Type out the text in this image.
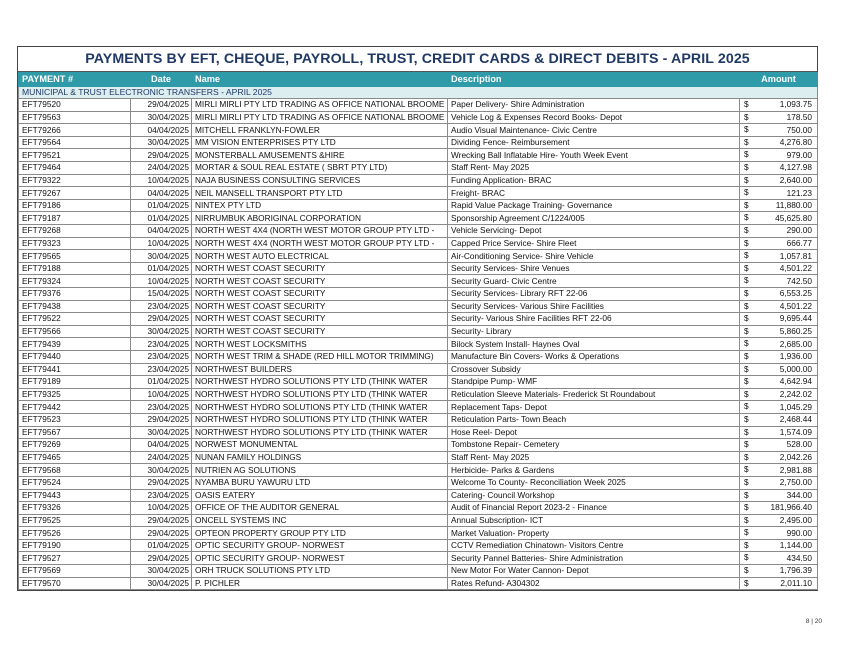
PAYMENTS BY EFT, CHEQUE, PAYROLL, TRUST, CREDIT CARDS & DIRECT DEBITS - APRIL 2025
PAYMENT #	Date	Name	Description	Amount
MUNICIPAL & TRUST ELECTRONIC TRANSFERS - APRIL 2025				
EFT79520	29/04/2025	MIRLI MIRLI PTY LTD TRADING AS OFFICE NATIONAL BROOME	Paper Delivery- Shire Administration	$ 1,093.75
EFT79563	30/04/2025	MIRLI MIRLI PTY LTD TRADING AS OFFICE NATIONAL BROOME	Vehicle Log & Expenses Record Books- Depot	$ 178.50
EFT79266	04/04/2025	MITCHELL FRANKLYN-FOWLER	Audio Visual Maintenance- Civic Centre	$ 750.00
EFT79564	30/04/2025	MM VISION ENTERPRISES PTY LTD	Dividing Fence- Reimbursement	$ 4,276.80
EFT79521	29/04/2025	MONSTERBALL AMUSEMENTS &HIRE	Wrecking Ball Inflatable Hire- Youth Week Event	$ 979.00
EFT79464	24/04/2025	MORTAR & SOUL REAL ESTATE ( SBRT PTY LTD)	Staff Rent- May 2025	$ 4,127.98
EFT79322	10/04/2025	NAJA BUSINESS CONSULTING SERVICES	Funding Application- BRAC	$ 2,640.00
EFT79267	04/04/2025	NEIL MANSELL TRANSPORT PTY LTD	Freight- BRAC	$ 121.23
EFT79186	01/04/2025	NINTEX PTY LTD	Rapid Value Package Training- Governance	$ 11,880.00
EFT79187	01/04/2025	NIRRUMBUK ABORIGINAL CORPORATION	Sponsorship Agreement C/1224/005	$ 45,625.80
EFT79268	04/04/2025	NORTH WEST 4X4 (NORTH WEST MOTOR GROUP PTY LTD -	Vehicle Servicing- Depot	$ 290.00
EFT79323	10/04/2025	NORTH WEST 4X4 (NORTH WEST MOTOR GROUP PTY LTD -	Capped Price Service- Shire Fleet	$ 666.77
EFT79565	30/04/2025	NORTH WEST AUTO ELECTRICAL	Air-Conditioning Service- Shire Vehicle	$ 1,057.81
EFT79188	01/04/2025	NORTH WEST COAST SECURITY	Security Services- Shire Venues	$ 4,501.22
EFT79324	10/04/2025	NORTH WEST COAST SECURITY	Security Guard- Civic Centre	$ 742.50
EFT79376	15/04/2025	NORTH WEST COAST SECURITY	Security Services- Library RFT 22-06	$ 6,553.25
EFT79438	23/04/2025	NORTH WEST COAST SECURITY	Security Services- Various Shire Facilities	$ 4,501.22
EFT79522	29/04/2025	NORTH WEST COAST SECURITY	Security- Various Shire Facilities RFT 22-06	$ 9,695.44
EFT79566	30/04/2025	NORTH WEST COAST SECURITY	Security- Library	$ 5,860.25
EFT79439	23/04/2025	NORTH WEST LOCKSMITHS	Bilock System Install- Haynes Oval	$ 2,685.00
EFT79440	23/04/2025	NORTH WEST TRIM & SHADE (RED HILL MOTOR TRIMMING)	Manufacture Bin Covers- Works & Operations	$ 1,936.00
EFT79441	23/04/2025	NORTHWEST BUILDERS	Crossover Subsidy	$ 5,000.00
EFT79189	01/04/2025	NORTHWEST HYDRO SOLUTIONS PTY LTD (THINK WATER	Standpipe Pump- WMF	$ 4,642.94
EFT79325	10/04/2025	NORTHWEST HYDRO SOLUTIONS PTY LTD (THINK WATER	Reticulation Sleeve Materials- Frederick St Roundabout	$ 2,242.02
EFT79442	23/04/2025	NORTHWEST HYDRO SOLUTIONS PTY LTD (THINK WATER	Replacement Taps- Depot	$ 1,045.29
EFT79523	29/04/2025	NORTHWEST HYDRO SOLUTIONS PTY LTD (THINK WATER	Reticulation Parts- Town Beach	$ 2,468.44
EFT79567	30/04/2025	NORTHWEST HYDRO SOLUTIONS PTY LTD (THINK WATER	Hose Reel- Depot	$ 1,574.09
EFT79269	04/04/2025	NORWEST MONUMENTAL	Tombstone Repair- Cemetery	$ 528.00
EFT79465	24/04/2025	NUNAN FAMILY HOLDINGS	Staff Rent- May 2025	$ 2,042.26
EFT79568	30/04/2025	NUTRIEN AG SOLUTIONS	Herbicide- Parks & Gardens	$ 2,981.88
EFT79524	29/04/2025	NYAMBA BURU YAWURU LTD	Welcome To County- Reconciliation Week 2025	$ 2,750.00
EFT79443	23/04/2025	OASIS EATERY	Catering- Council Workshop	$ 344.00
EFT79326	10/04/2025	OFFICE OF THE AUDITOR GENERAL	Audit of Financial Report 2023-2 - Finance	$ 181,966.40
EFT79525	29/04/2025	ONCELL SYSTEMS INC	Annual Subscription- ICT	$ 2,495.00
EFT79526	29/04/2025	OPTEON PROPERTY GROUP PTY LTD	Market Valuation- Property	$ 990.00
EFT79190	01/04/2025	OPTIC SECURITY GROUP- NORWEST	CCTV Remediation Chinatown- Visitors Centre	$ 1,144.00
EFT79527	29/04/2025	OPTIC SECURITY GROUP- NORWEST	Security Pannel Batteries- Shire Administration	$ 434.50
EFT79569	30/04/2025	ORH TRUCK SOLUTIONS PTY LTD	New Motor For Water Cannon- Depot	$ 1,796.39
EFT79570	30/04/2025	P. PICHLER	Rates Refund- A304302	$ 2,011.10
8 | 20
